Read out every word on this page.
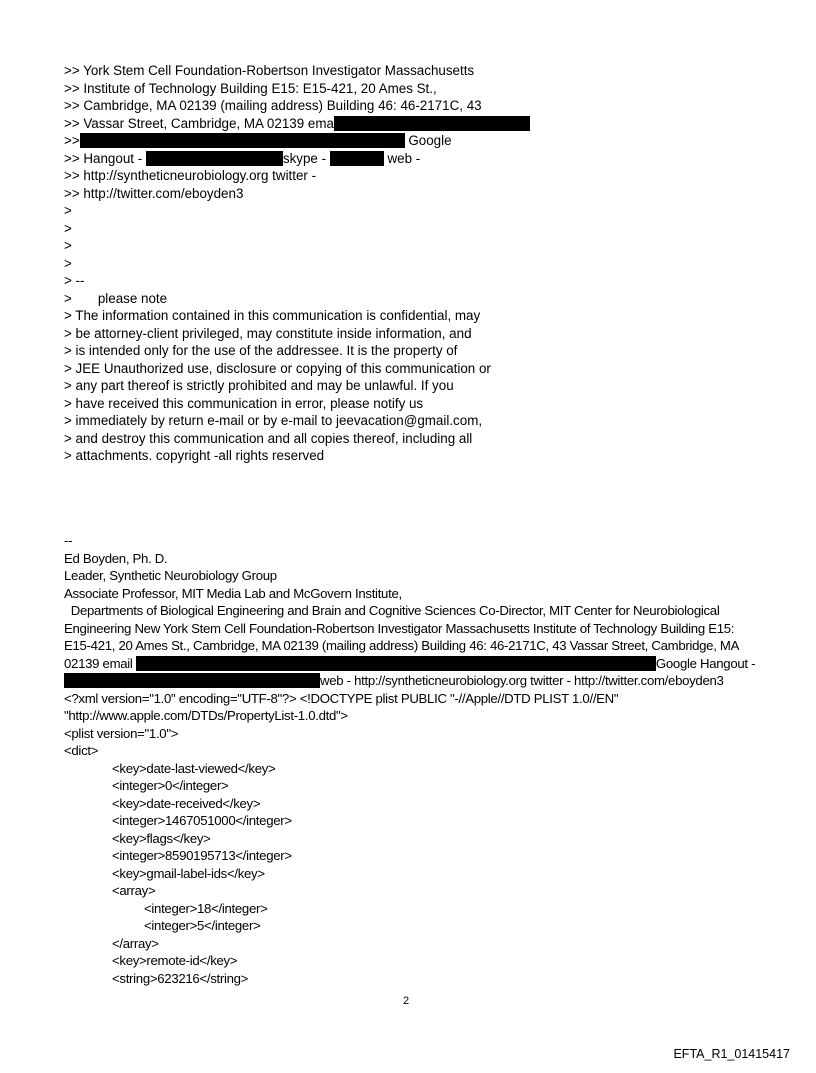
>> York Stem Cell Foundation-Robertson Investigator Massachusetts
>> Institute of Technology Building E15: E15-421, 20 Ames St.,
>> Cambridge, MA 02139 (mailing address) Building 46: 46-2171C, 43
>> Vassar Street, Cambridge, MA 02139 ema
>>	Google
>> Hangout -	skype -	web -
>> http://syntheticneurobiology.org twitter -
>> http://twitter.com/eboyden3
>
>
>
>
> --
>       please note
> The information contained in this communication is confidential, may
> be attorney-client privileged, may constitute inside information, and
> is intended only for the use of the addressee. It is the property of
> JEE Unauthorized use, disclosure or copying of this communication or
> any part thereof is strictly prohibited and may be unlawful. If you
> have received this communication in error, please notify us
> immediately by return e-mail or by e-mail to jeevacation@gmail.com,
> and destroy this communication and all copies thereof, including all
> attachments. copyright -all rights reserved
--
Ed Boyden, Ph. D.
Leader, Synthetic Neurobiology Group
Associate Professor, MIT Media Lab and McGovern Institute,
Departments of Biological Engineering and Brain and Cognitive Sciences Co-Director, MIT Center for Neurobiological
Engineering New York Stem Cell Foundation-Robertson Investigator Massachusetts Institute of Technology Building E15:
E15-421, 20 Ames St., Cambridge, MA 02139 (mailing address) Building 46: 46-2171C, 43 Vassar Street, Cambridge, MA
02139 email	Google Hangout -
web - http://syntheticneurobiology.org twitter - http://twitter.com/eboyden3
<?xml version="1.0" encoding="UTF-8"?> <!DOCTYPE plist PUBLIC "-//Apple//DTD PLIST 1.0//EN"
"http://www.apple.com/DTDs/PropertyList-1.0.dtd">
<plist version="1.0">
<dict>
<key>date-last-viewed</key>
<integer>0</integer>
<key>date-received</key>
<integer>1467051000</integer>
<key>flags</key>
<integer>8590195713</integer>
<key>gmail-label-ids</key>
<array>
<integer>18</integer>
<integer>5</integer>
</array>
<key>remote-id</key>
<string>623216</string>
2
EFTA_R1_01415417
